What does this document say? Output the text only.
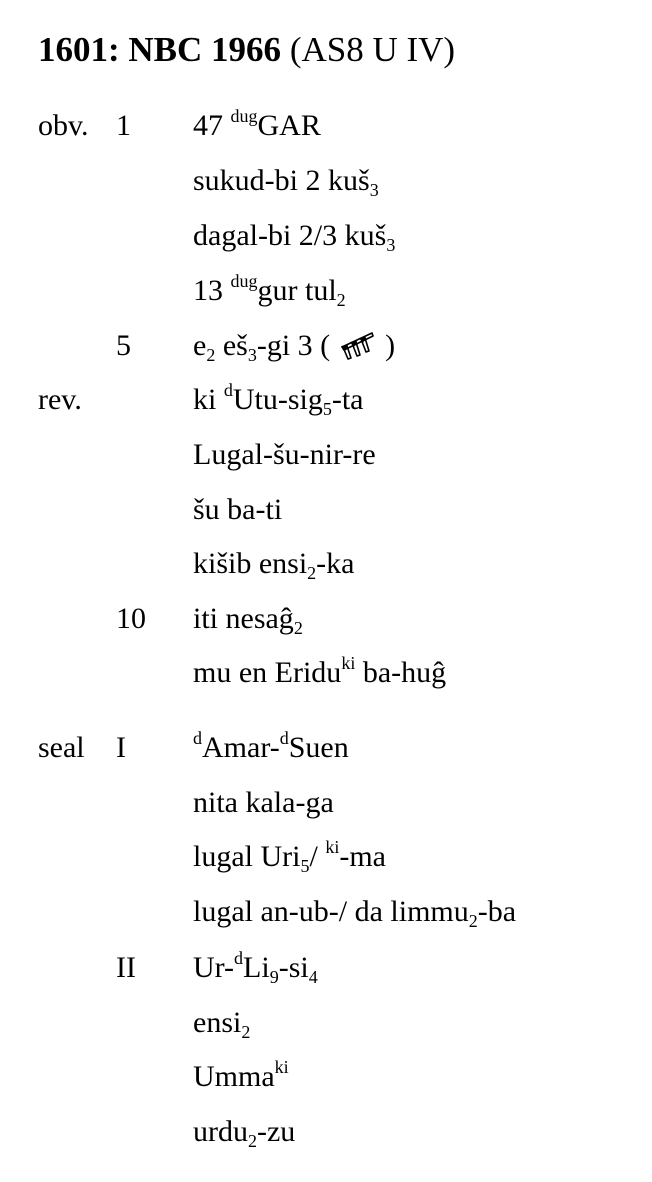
1601: NBC 1966 (AS8 U IV)
obv. 1 47 $^{dug}$GAR
sukud-bi 2 kuš$_3$
dagal-bi 2/3 kuš$_3$
13 $^{dug}$gur tul$_2$
5 $e_2$ $eš_3-gi$ 3 (  )
rev.	ki $^d$Utu-sig$_5$-ta
Lugal-šu-nir-re
šu ba-ti
kišib ensi$_2$-ka
10 iti nesaĝ$_2$
mu en Eridu$^{ki}$ ba-huĝ
seal I	$^d$Amar-$^d$Suen
nita kala-ga
lugal Uri$_5$/ $^{ki}$-ma
lugal an-ub-/ da limmu$_2$-ba
II $Ur-^dLi_9-si_4$
ensi$_2$
Umma$^{ki}$
urdu$_2$-zu
